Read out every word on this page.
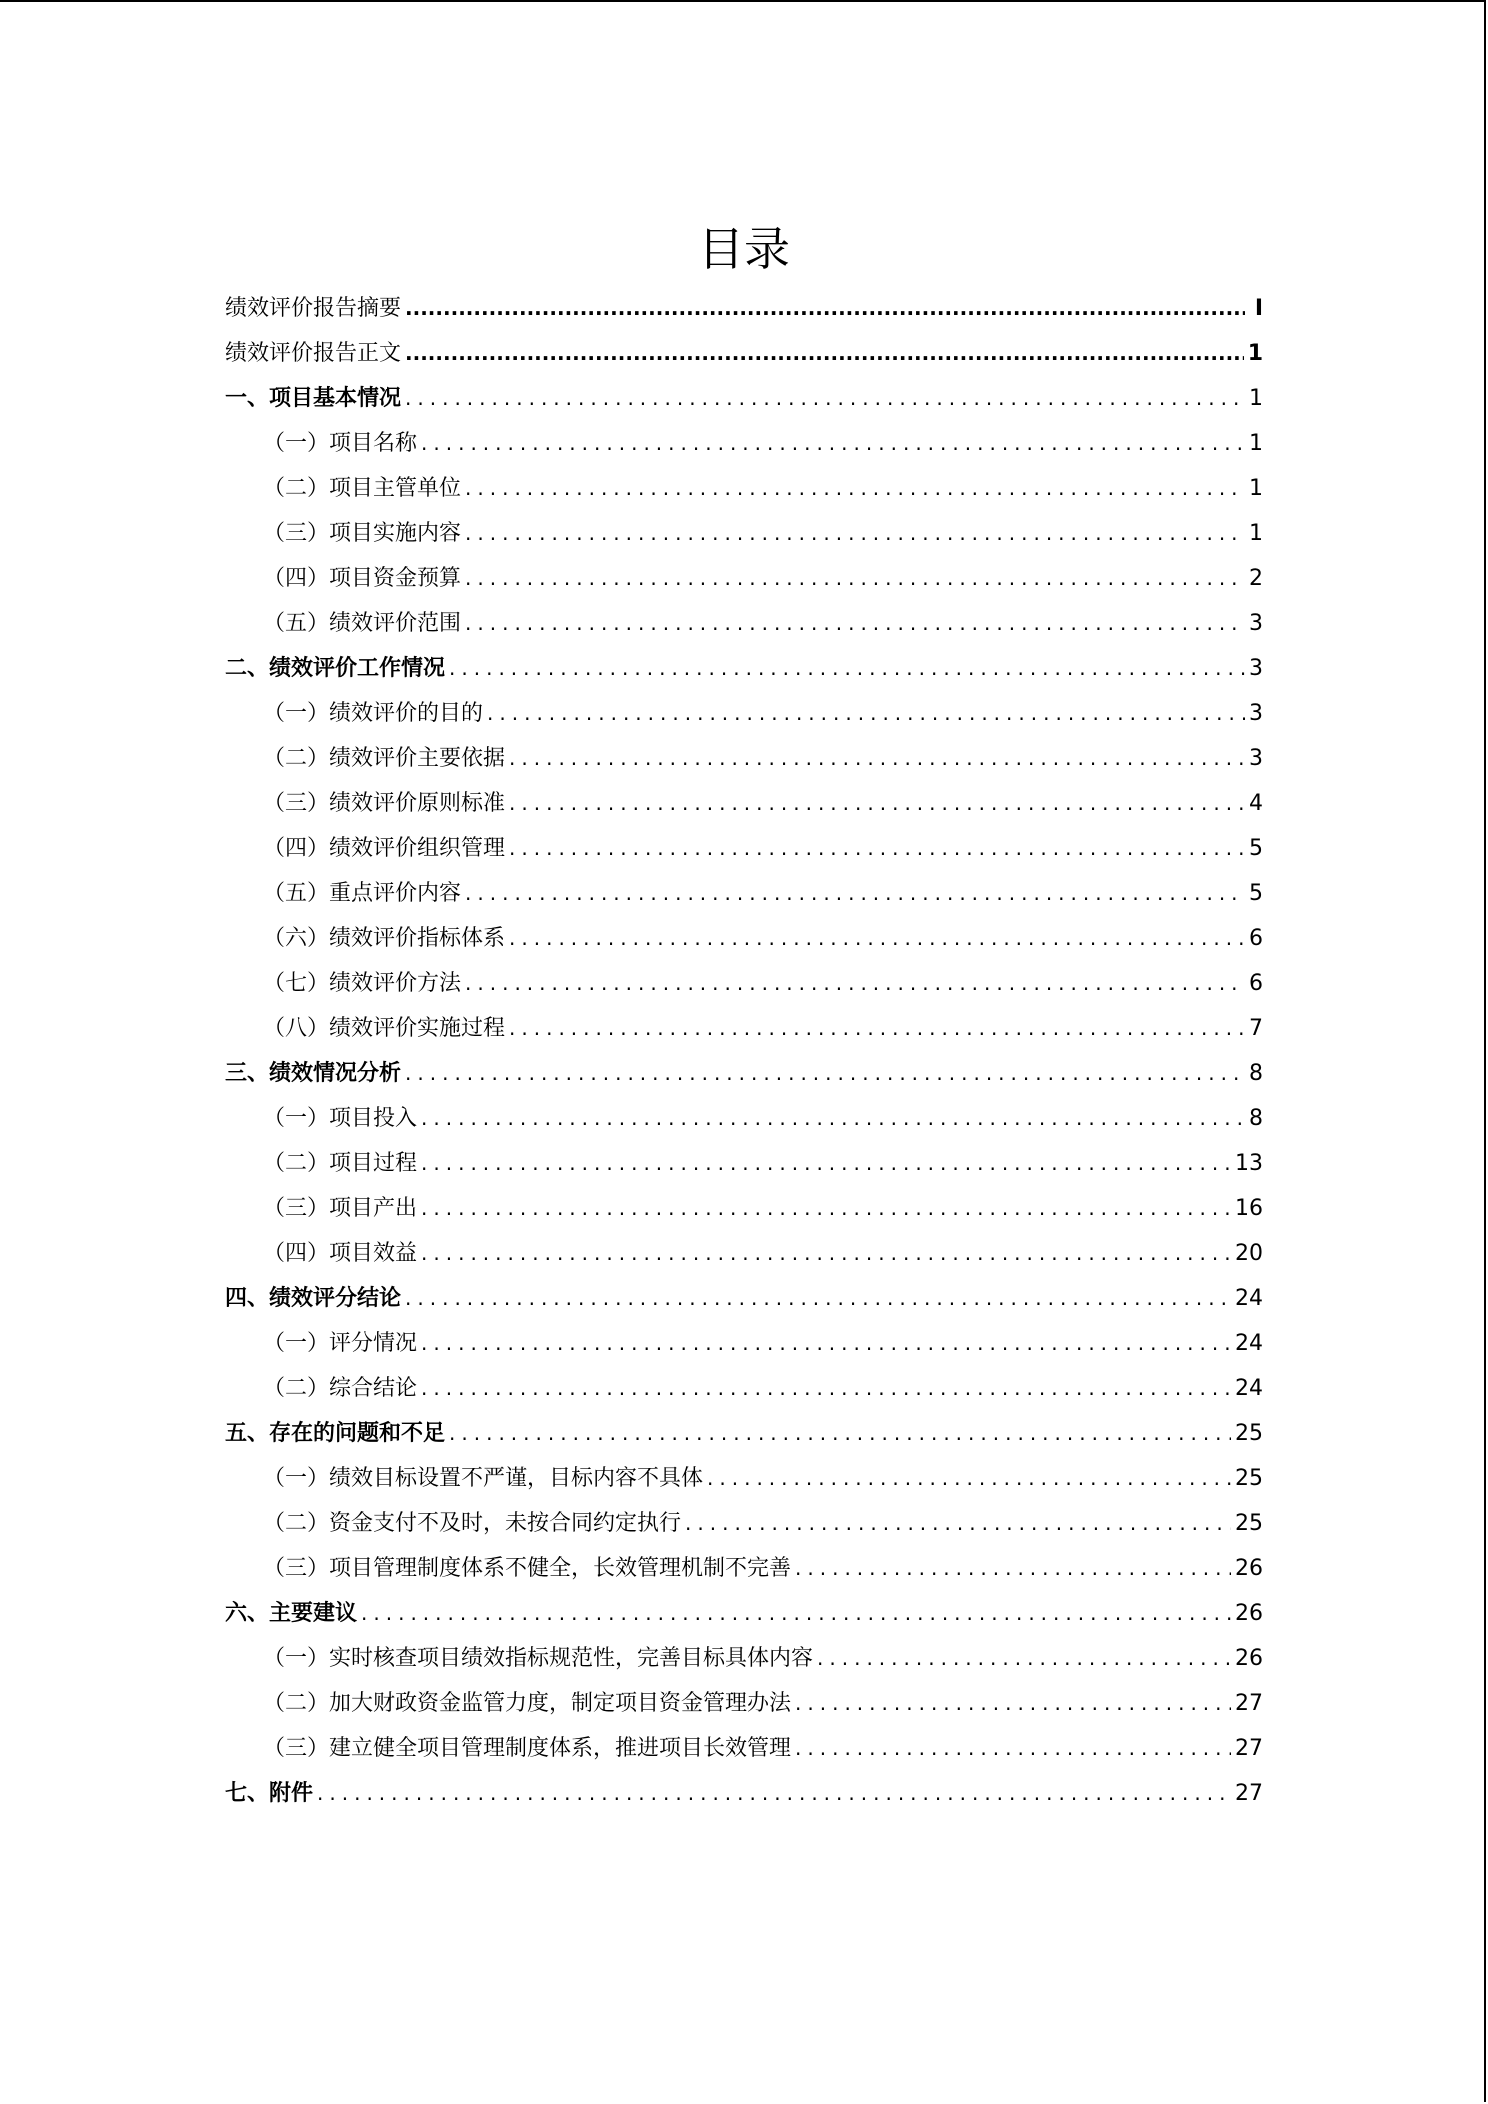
目录
绩效评价报告摘要 .....	I
绩效评价报告正文 .....	1
一、项目基本情况 .....	1
（一）项目名称 .....	1
（二）项目主管单位 .....	1
（三）项目实施内容 .....	1
（四）项目资金预算 .....	2
（五）绩效评价范围 .....	3
二、绩效评价工作情况 .....	3
（一）绩效评价的目的 .....	3
（二）绩效评价主要依据 .....	3
（三）绩效评价原则标准 .....	4
（四）绩效评价组织管理 .....	5
（五）重点评价内容 .....	5
（六）绩效评价指标体系 .....	6
（七）绩效评价方法 .....	6
（八）绩效评价实施过程 .....	7
三、绩效情况分析 .....	8
（一）项目投入 .....	8
（二）项目过程 .....	13
（三）项目产出 .....	16
（四）项目效益 .....	20
四、绩效评分结论 .....	24
（一）评分情况 .....	24
（二）综合结论 .....	24
五、存在的问题和不足 .....	25
（一）绩效目标设置不严谨，目标内容不具体 .....	25
（二）资金支付不及时，未按合同约定执行 .....	25
（三）项目管理制度体系不健全，长效管理机制不完善 .....	26
六、主要建议 .....	26
（一）实时核查项目绩效指标规范性，完善目标具体内容 .....	26
（二）加大财政资金监管力度，制定项目资金管理办法 .....	27
（三）建立健全项目管理制度体系，推进项目长效管理 .....	27
七、附件 .....	27
